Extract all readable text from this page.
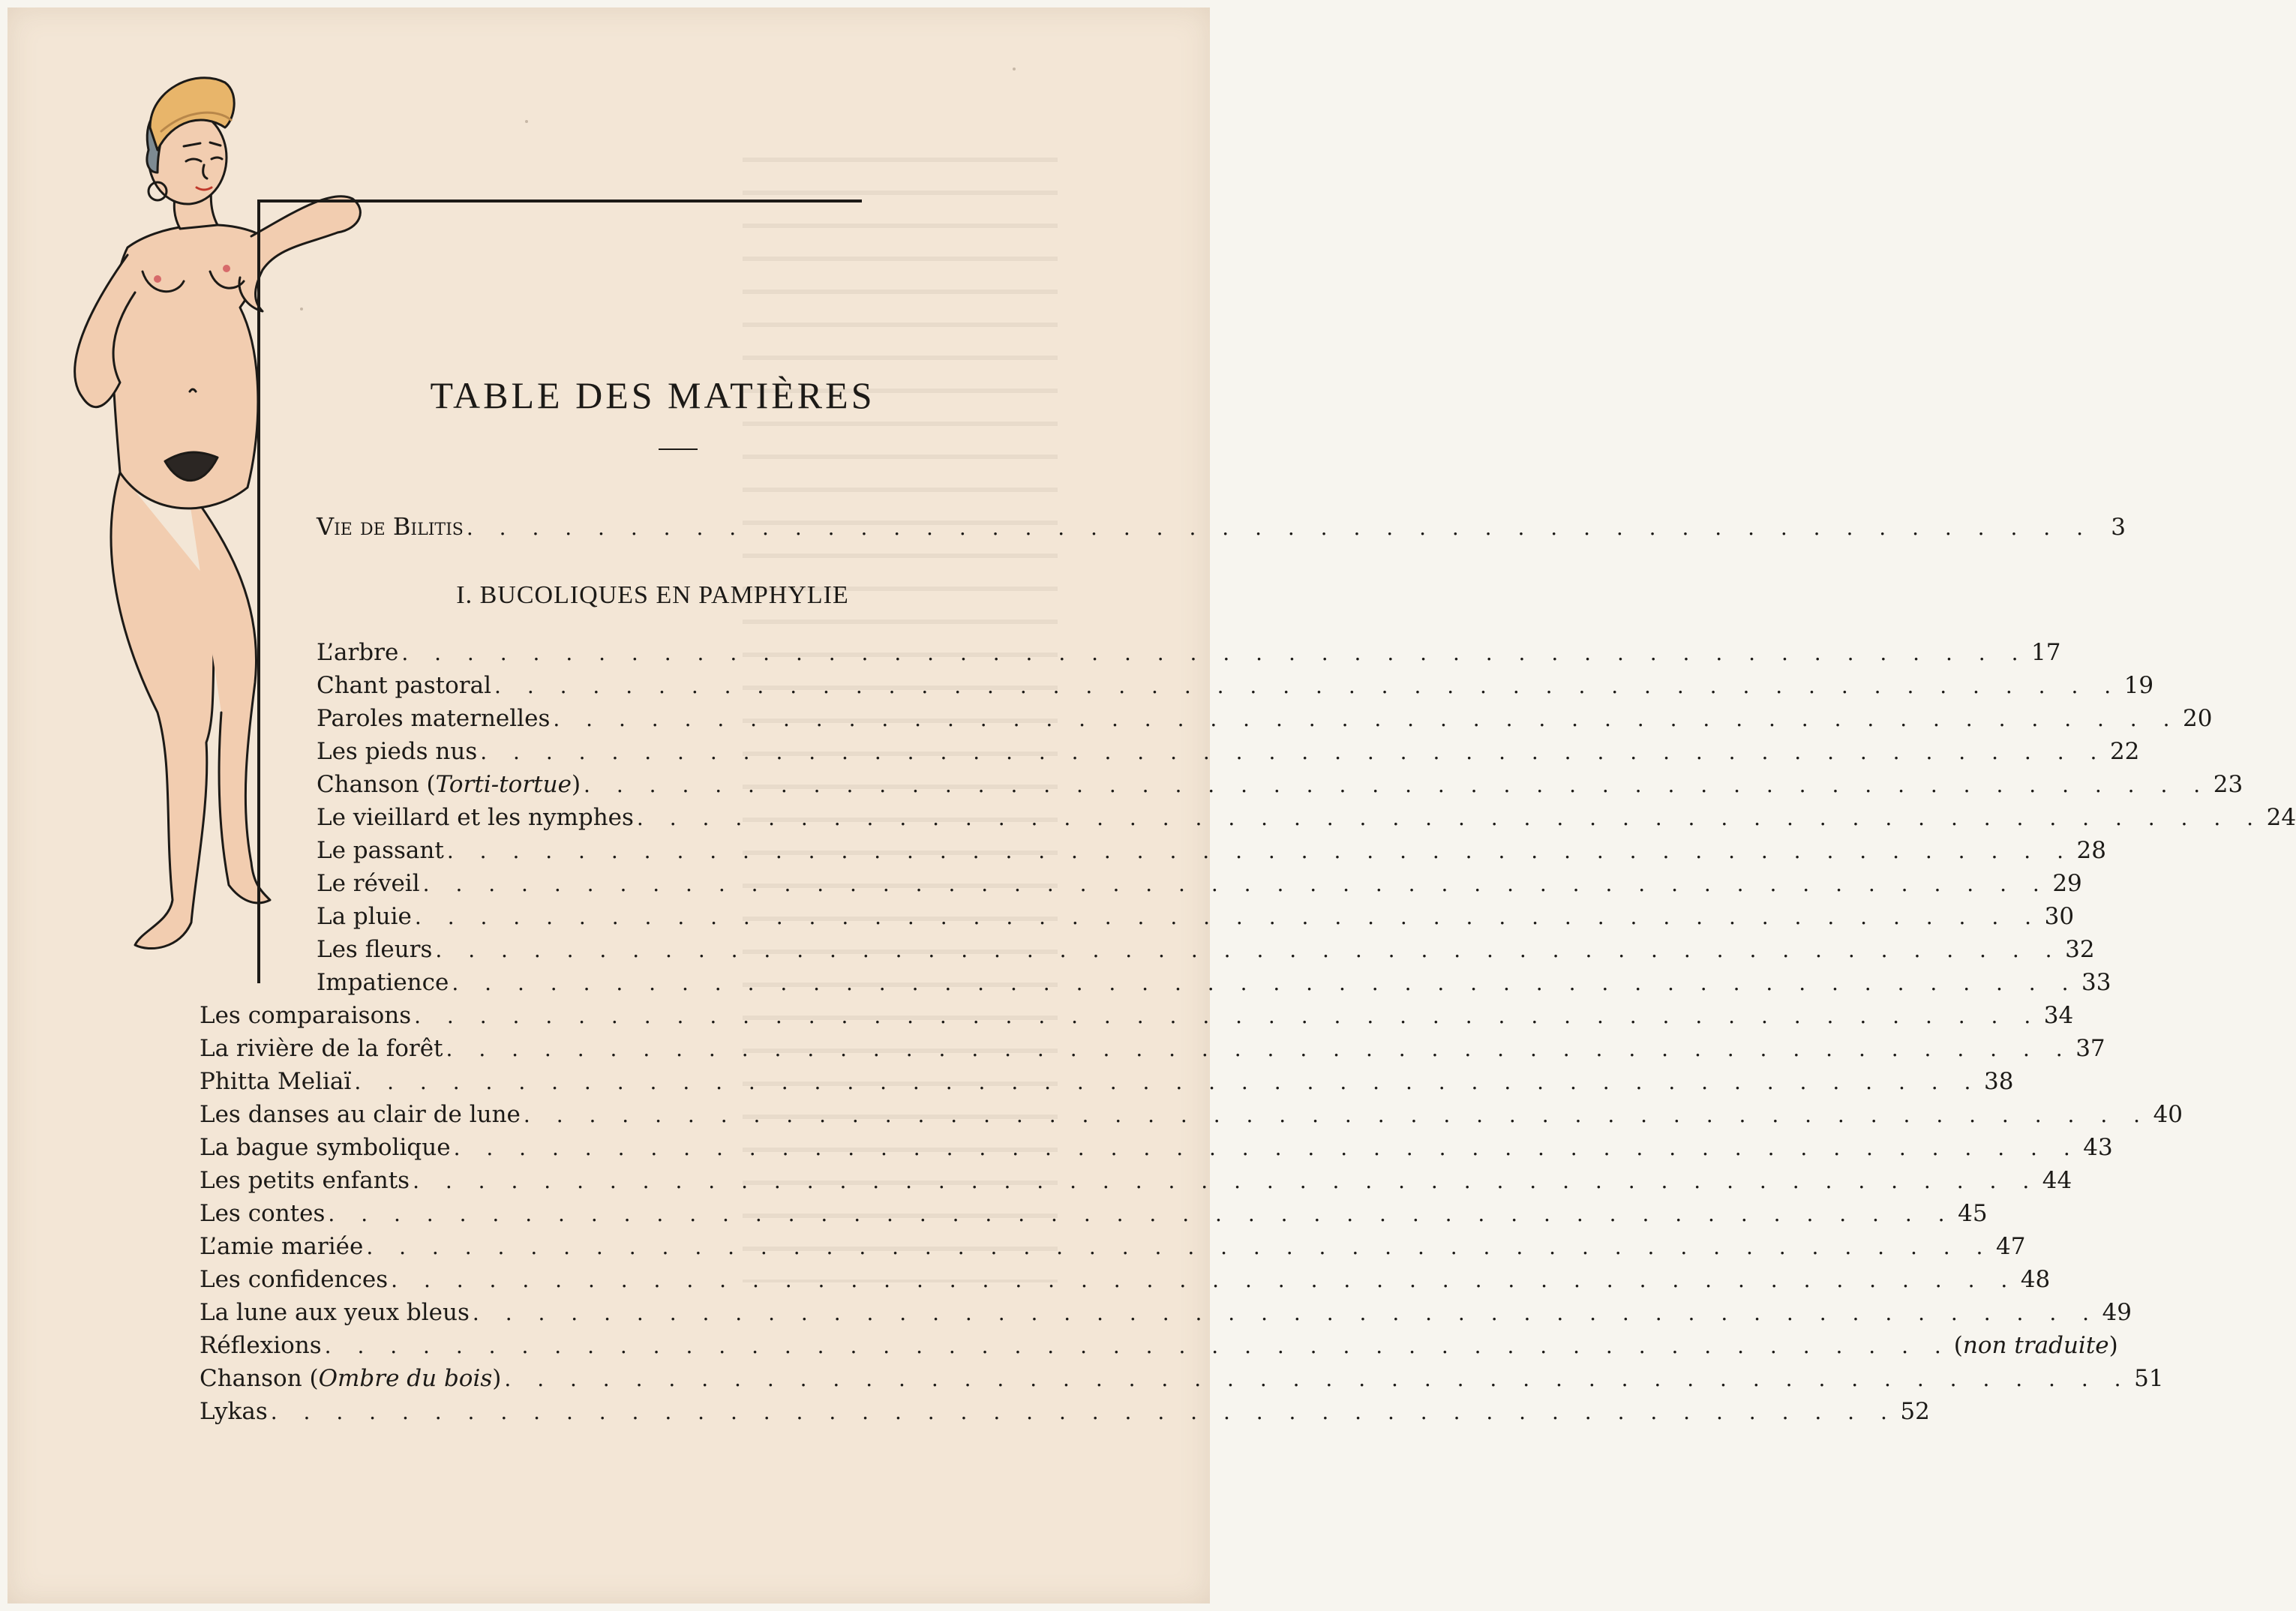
TABLE DES MATIÈRES
Vie de Bilitis . . . . . . . . . . . . . . . . . . . . . . . . . . . . . . . . . . . . . . . . . . . . . . . . . . 3
I. BUCOLIQUES EN PAMPHYLIE
L’arbre . . . . . . . . . . . . . . . . . . . . . . . . . . . . . . . . . . . . . . . . . . . . . . . . . . 17
Chant pastoral . . . . . . . . . . . . . . . . . . . . . . . . . . . . . . . . . . . . . . . . . . . . . . . . . . 19
Paroles maternelles . . . . . . . . . . . . . . . . . . . . . . . . . . . . . . . . . . . . . . . . . . . . . . . . . . 20
Les pieds nus . . . . . . . . . . . . . . . . . . . . . . . . . . . . . . . . . . . . . . . . . . . . . . . . . . 22
Chanson (Torti-tortue) . . . . . . . . . . . . . . . . . . . . . . . . . . . . . . . . . . . . . . . . . . . . . . . . . . 23
Le vieillard et les nymphes . . . . . . . . . . . . . . . . . . . . . . . . . . . . . . . . . . . . . . . . . . . . . . . . . . 24
Le passant . . . . . . . . . . . . . . . . . . . . . . . . . . . . . . . . . . . . . . . . . . . . . . . . . . 28
Le réveil . . . . . . . . . . . . . . . . . . . . . . . . . . . . . . . . . . . . . . . . . . . . . . . . . . 29
La pluie . . . . . . . . . . . . . . . . . . . . . . . . . . . . . . . . . . . . . . . . . . . . . . . . . . 30
Les fleurs . . . . . . . . . . . . . . . . . . . . . . . . . . . . . . . . . . . . . . . . . . . . . . . . . . 32
Impatience . . . . . . . . . . . . . . . . . . . . . . . . . . . . . . . . . . . . . . . . . . . . . . . . . . 33
Les comparaisons . . . . . . . . . . . . . . . . . . . . . . . . . . . . . . . . . . . . . . . . . . . . . . . . . . 34
La rivière de la forêt . . . . . . . . . . . . . . . . . . . . . . . . . . . . . . . . . . . . . . . . . . . . . . . . . . 37
Phitta Meliaï . . . . . . . . . . . . . . . . . . . . . . . . . . . . . . . . . . . . . . . . . . . . . . . . . . 38
Les danses au clair de lune . . . . . . . . . . . . . . . . . . . . . . . . . . . . . . . . . . . . . . . . . . . . . . . . . . 40
La bague symbolique . . . . . . . . . . . . . . . . . . . . . . . . . . . . . . . . . . . . . . . . . . . . . . . . . . 43
Les petits enfants . . . . . . . . . . . . . . . . . . . . . . . . . . . . . . . . . . . . . . . . . . . . . . . . . . 44
Les contes . . . . . . . . . . . . . . . . . . . . . . . . . . . . . . . . . . . . . . . . . . . . . . . . . . 45
L’amie mariée . . . . . . . . . . . . . . . . . . . . . . . . . . . . . . . . . . . . . . . . . . . . . . . . . . 47
Les confidences . . . . . . . . . . . . . . . . . . . . . . . . . . . . . . . . . . . . . . . . . . . . . . . . . . 48
La lune aux yeux bleus . . . . . . . . . . . . . . . . . . . . . . . . . . . . . . . . . . . . . . . . . . . . . . . . . . 49
Réflexions . . . . . . . . . . . . . . . . . . . . . . . . . . . . . . . . . . . . . . . . . . . . . . . . . . (non traduite)
Chanson (Ombre du bois) . . . . . . . . . . . . . . . . . . . . . . . . . . . . . . . . . . . . . . . . . . . . . . . . . . 51
Lykas . . . . . . . . . . . . . . . . . . . . . . . . . . . . . . . . . . . . . . . . . . . . . . . . . . 52
